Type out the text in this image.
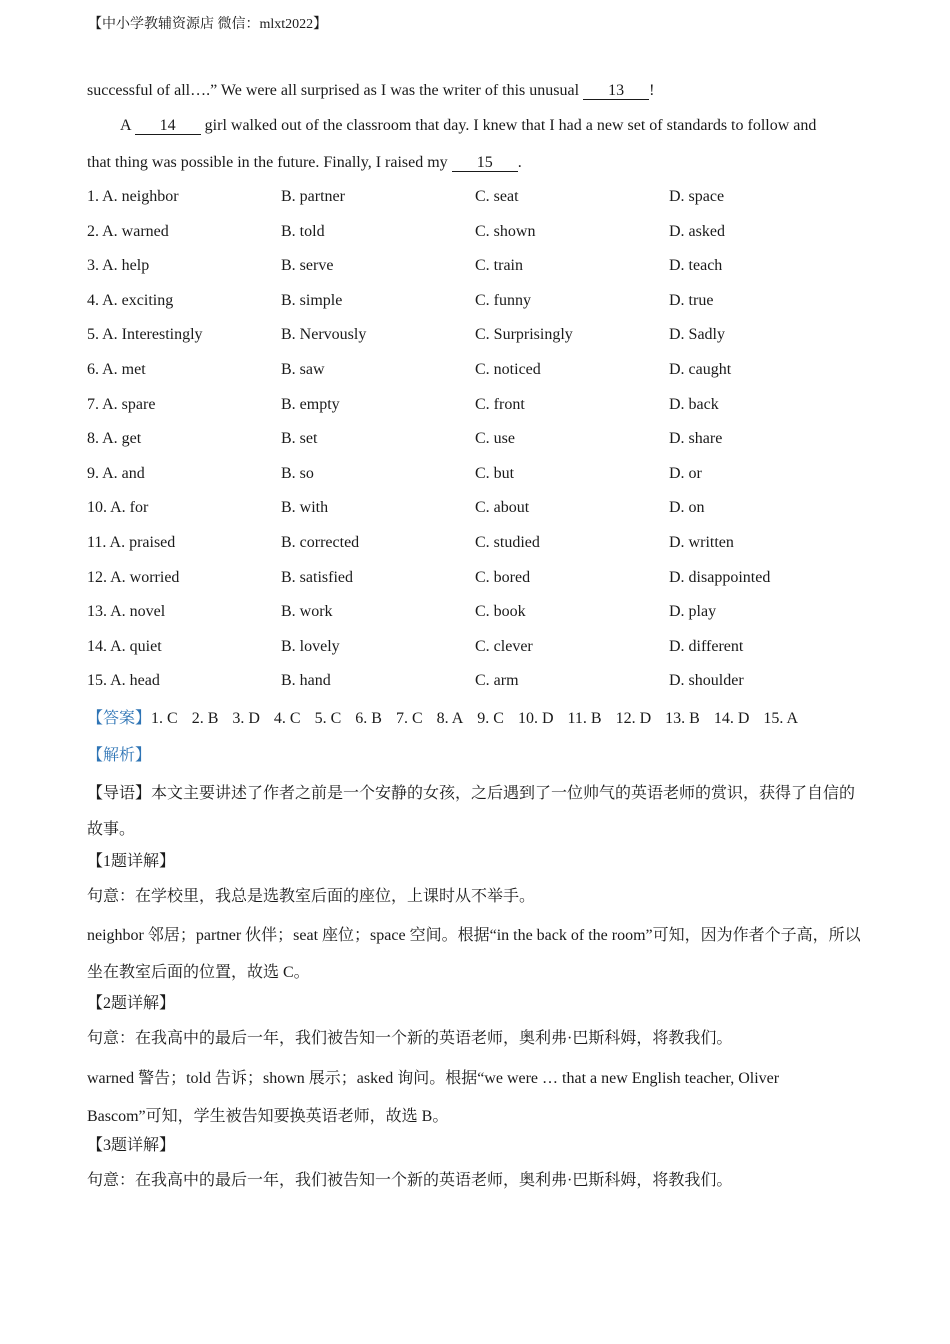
【中小学教辅资源店 微信：mlxt2022】
successful of all….” We were all surprised as I was the writer of this unusual 13 !
A 14 girl walked out of the classroom that day. I knew that I had a new set of standards to follow and
that thing was possible in the future. Finally, I raised my 15 .
1. A. neighbor	B. partner	C. seat	D. space
2. A. warned	B. told	C. shown	D. asked
3. A. help	B. serve	C. train	D. teach
4. A. exciting	B. simple	C. funny	D. true
5. A. Interestingly	B. Nervously	C. Surprisingly	D. Sadly
6. A. met	B. saw	C. noticed	D. caught
7. A. spare	B. empty	C. front	D. back
8. A. get	B. set	C. use	D. share
9. A. and	B. so	C. but	D. or
10. A. for	B. with	C. about	D. on
11. A. praised	B. corrected	C. studied	D. written
12. A. worried	B. satisfied	C. bored	D. disappointed
13. A. novel	B. work	C. book	D. play
14. A. quiet	B. lovely	C. clever	D. different
15. A. head	B. hand	C. arm	D. shoulder
【答案】1. C 2. B 3. D 4. C 5. C 6. B 7. C 8. A 9. C 10. D 11. B 12. D 13. B 14. D 15. A
【解析】
【导语】本文主要讲述了作者之前是一个安静的女孩，之后遇到了一位帅气的英语老师的赏识，获得了自信的故事。
【1题详解】
句意：在学校里，我总是选教室后面的座位，上课时从不举手。
neighbor 邻居；partner 伙伴；seat 座位；space 空间。根据“in the back of the room”可知，因为作者个子高，所以坐在教室后面的位置，故选 C。
【2题详解】
句意：在我高中的最后一年，我们被告知一个新的英语老师，奥利弗·巴斯科姆，将教我们。
warned 警告；told 告诉；shown 展示；asked 询问。根据“we were … that a new English teacher, Oliver Bascom”可知，学生被告知要换英语老师，故选 B。
【3题详解】
句意：在我高中的最后一年，我们被告知一个新的英语老师，奥利弗·巴斯科姆，将教我们。
